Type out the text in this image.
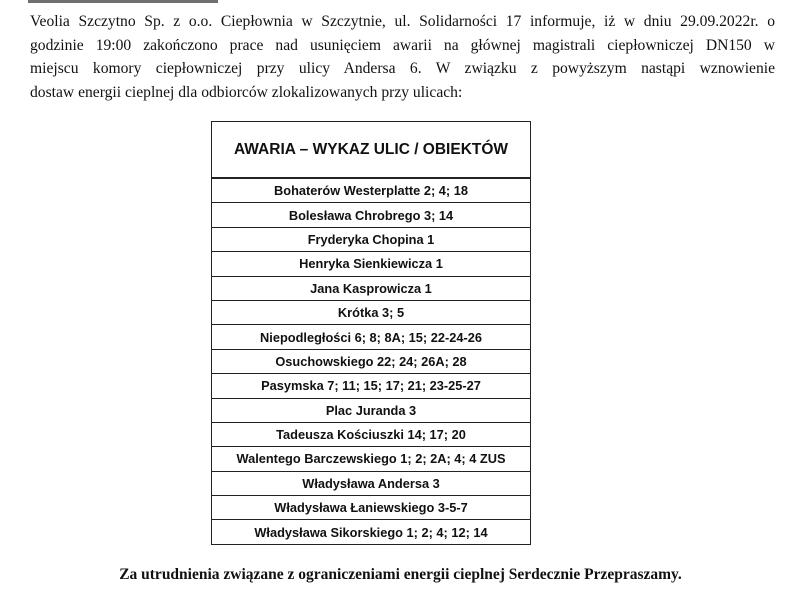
Veolia Szczytno Sp. z o.o. Ciepłownia w Szczytnie, ul. Solidarności 17 informuje, iż w dniu 29.09.2022r. o
godzinie 19:00 zakończono prace nad usunięciem awarii na głównej magistrali ciepłowniczej DN150 w
miejscu komory ciepłowniczej przy ulicy Andersa 6. W związku z powyższym nastąpi wznowienie
dostaw energii cieplnej dla odbiorców zlokalizowanych przy ulicach:
AWARIA – WYKAZ ULIC / OBIEKTÓW
Bohaterów Westerplatte 2; 4; 18
Bolesława Chrobrego 3; 14
Fryderyka Chopina 1
Henryka Sienkiewicza 1
Jana Kasprowicza 1
Krótka 3; 5
Niepodległości 6; 8; 8A; 15; 22-24-26
Osuchowskiego 22; 24; 26A; 28
Pasymska 7; 11; 15; 17; 21; 23-25-27
Plac Juranda 3
Tadeusza Kościuszki 14; 17; 20
Walentego Barczewskiego 1; 2; 2A; 4; 4 ZUS
Władysława Andersa 3
Władysława Łaniewskiego 3-5-7
Władysława Sikorskiego 1; 2; 4; 12; 14
Za utrudnienia związane z ograniczeniami energii cieplnej Serdecznie Przepraszamy.
